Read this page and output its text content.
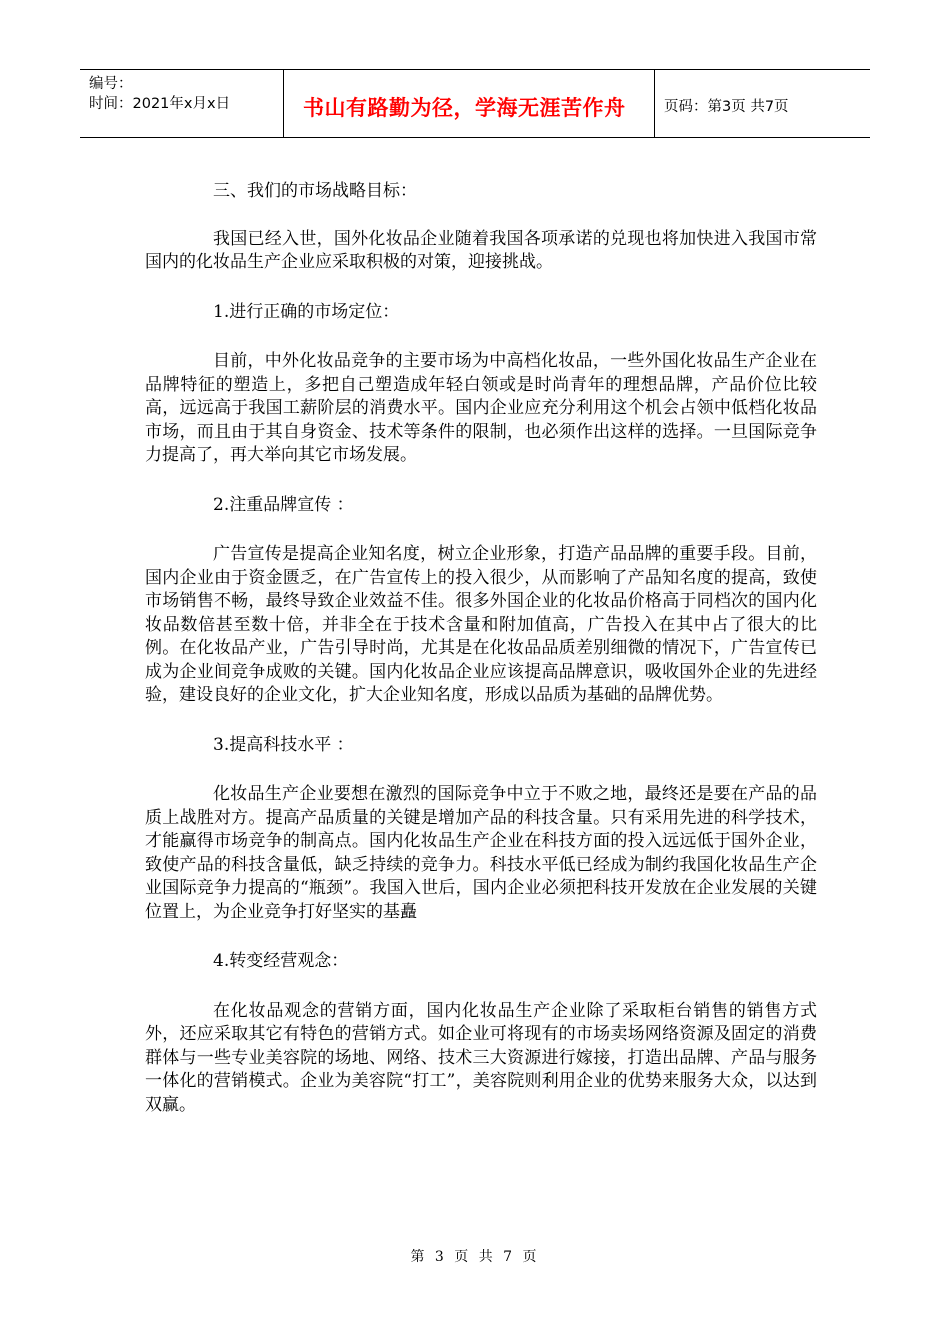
编号：
时间：2021年x月x日	书山有路勤为径，学海无涯苦作舟	页码：第3页 共7页

三、我们的市场战略目标：

我国已经入世，国外化妆品企业随着我国各项承诺的兑现也将加快进入我国市常国内的化妆品生产企业应采取积极的对策，迎接挑战。

1.进行正确的市场定位：

目前，中外化妆品竞争的主要市场为中高档化妆品，一些外国化妆品生产企业在品牌特征的塑造上，多把自己塑造成年轻白领或是时尚青年的理想品牌，产品价位比较高，远远高于我国工薪阶层的消费水平。国内企业应充分利用这个机会占领中低档化妆品市场，而且由于其自身资金、技术等条件的限制，也必须作出这样的选择。一旦国际竞争力提高了，再大举向其它市场发展。

2.注重品牌宣传 ：

广告宣传是提高企业知名度，树立企业形象，打造产品品牌的重要手段。目前，国内企业由于资金匮乏，在广告宣传上的投入很少，从而影响了产品知名度的提高，致使市场销售不畅，最终导致企业效益不佳。很多外国企业的化妆品价格高于同档次的国内化妆品数倍甚至数十倍，并非全在于技术含量和附加值高，广告投入在其中占了很大的比例。在化妆品产业，广告引导时尚，尤其是在化妆品品质差别细微的情况下，广告宣传已成为企业间竞争成败的关键。国内化妆品企业应该提高品牌意识，吸收国外企业的先进经验，建设良好的企业文化，扩大企业知名度，形成以品质为基础的品牌优势。

3.提高科技水平 ：

化妆品生产企业要想在激烈的国际竞争中立于不败之地，最终还是要在产品的品质上战胜对方。提高产品质量的关键是增加产品的科技含量。只有采用先进的科学技术，才能赢得市场竞争的制高点。国内化妆品生产企业在科技方面的投入远远低于国外企业，致使产品的科技含量低，缺乏持续的竞争力。科技水平低已经成为制约我国化妆品生产企业国际竞争力提高的“瓶颈”。我国入世后，国内企业必须把科技开发放在企业发展的关键位置上，为企业竞争打好坚实的基矗

4.转变经营观念：

在化妆品观念的营销方面，国内化妆品生产企业除了采取柜台销售的销售方式外，还应采取其它有特色的营销方式。如企业可将现有的市场卖场网络资源及固定的消费群体与一些专业美容院的场地、网络、技术三大资源进行嫁接，打造出品牌、产品与服务一体化的营销模式。企业为美容院“打工”，美容院则利用企业的优势来服务大众，以达到双赢。

第 3 页 共 7 页
